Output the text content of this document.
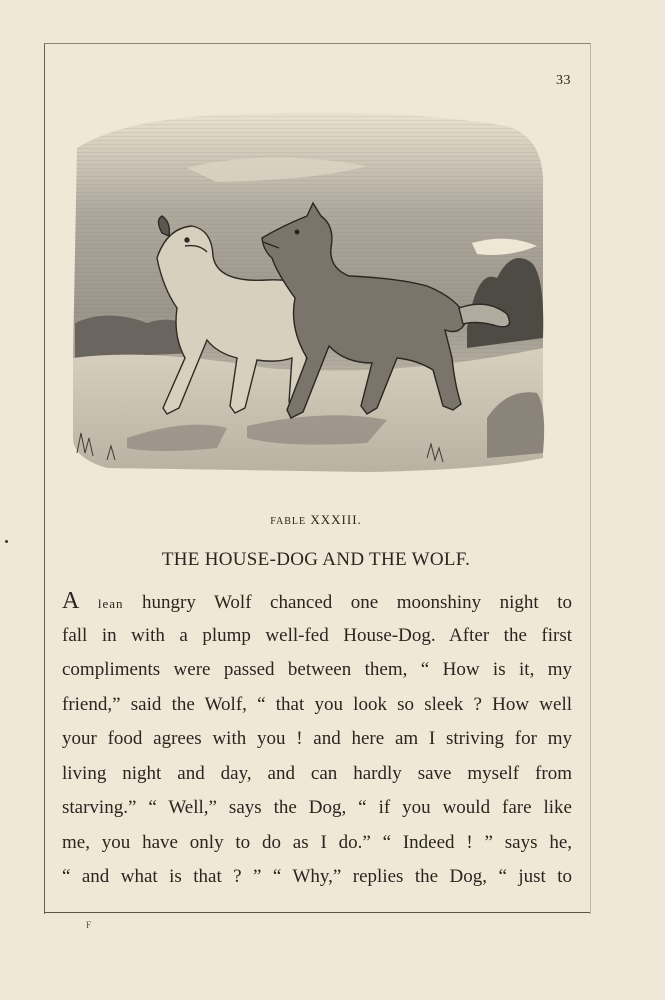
33
FABLE XXXIII.
THE HOUSE-DOG AND THE WOLF.
A lean hungry Wolf chanced one moonshiny night to
fall in with a plump well-fed House-Dog. After the first
compliments were passed between them, “ How is it, my
friend,” said the Wolf, “ that you look so sleek ? How well
your food agrees with you ! and here am I striving for my
living night and day, and can hardly save myself from
starving.” “ Well,” says the Dog, “ if you would fare like
me, you have only to do as I do.” “ Indeed ! ” says he,
“ and what is that ? ” “ Why,” replies the Dog, “ just to
F
